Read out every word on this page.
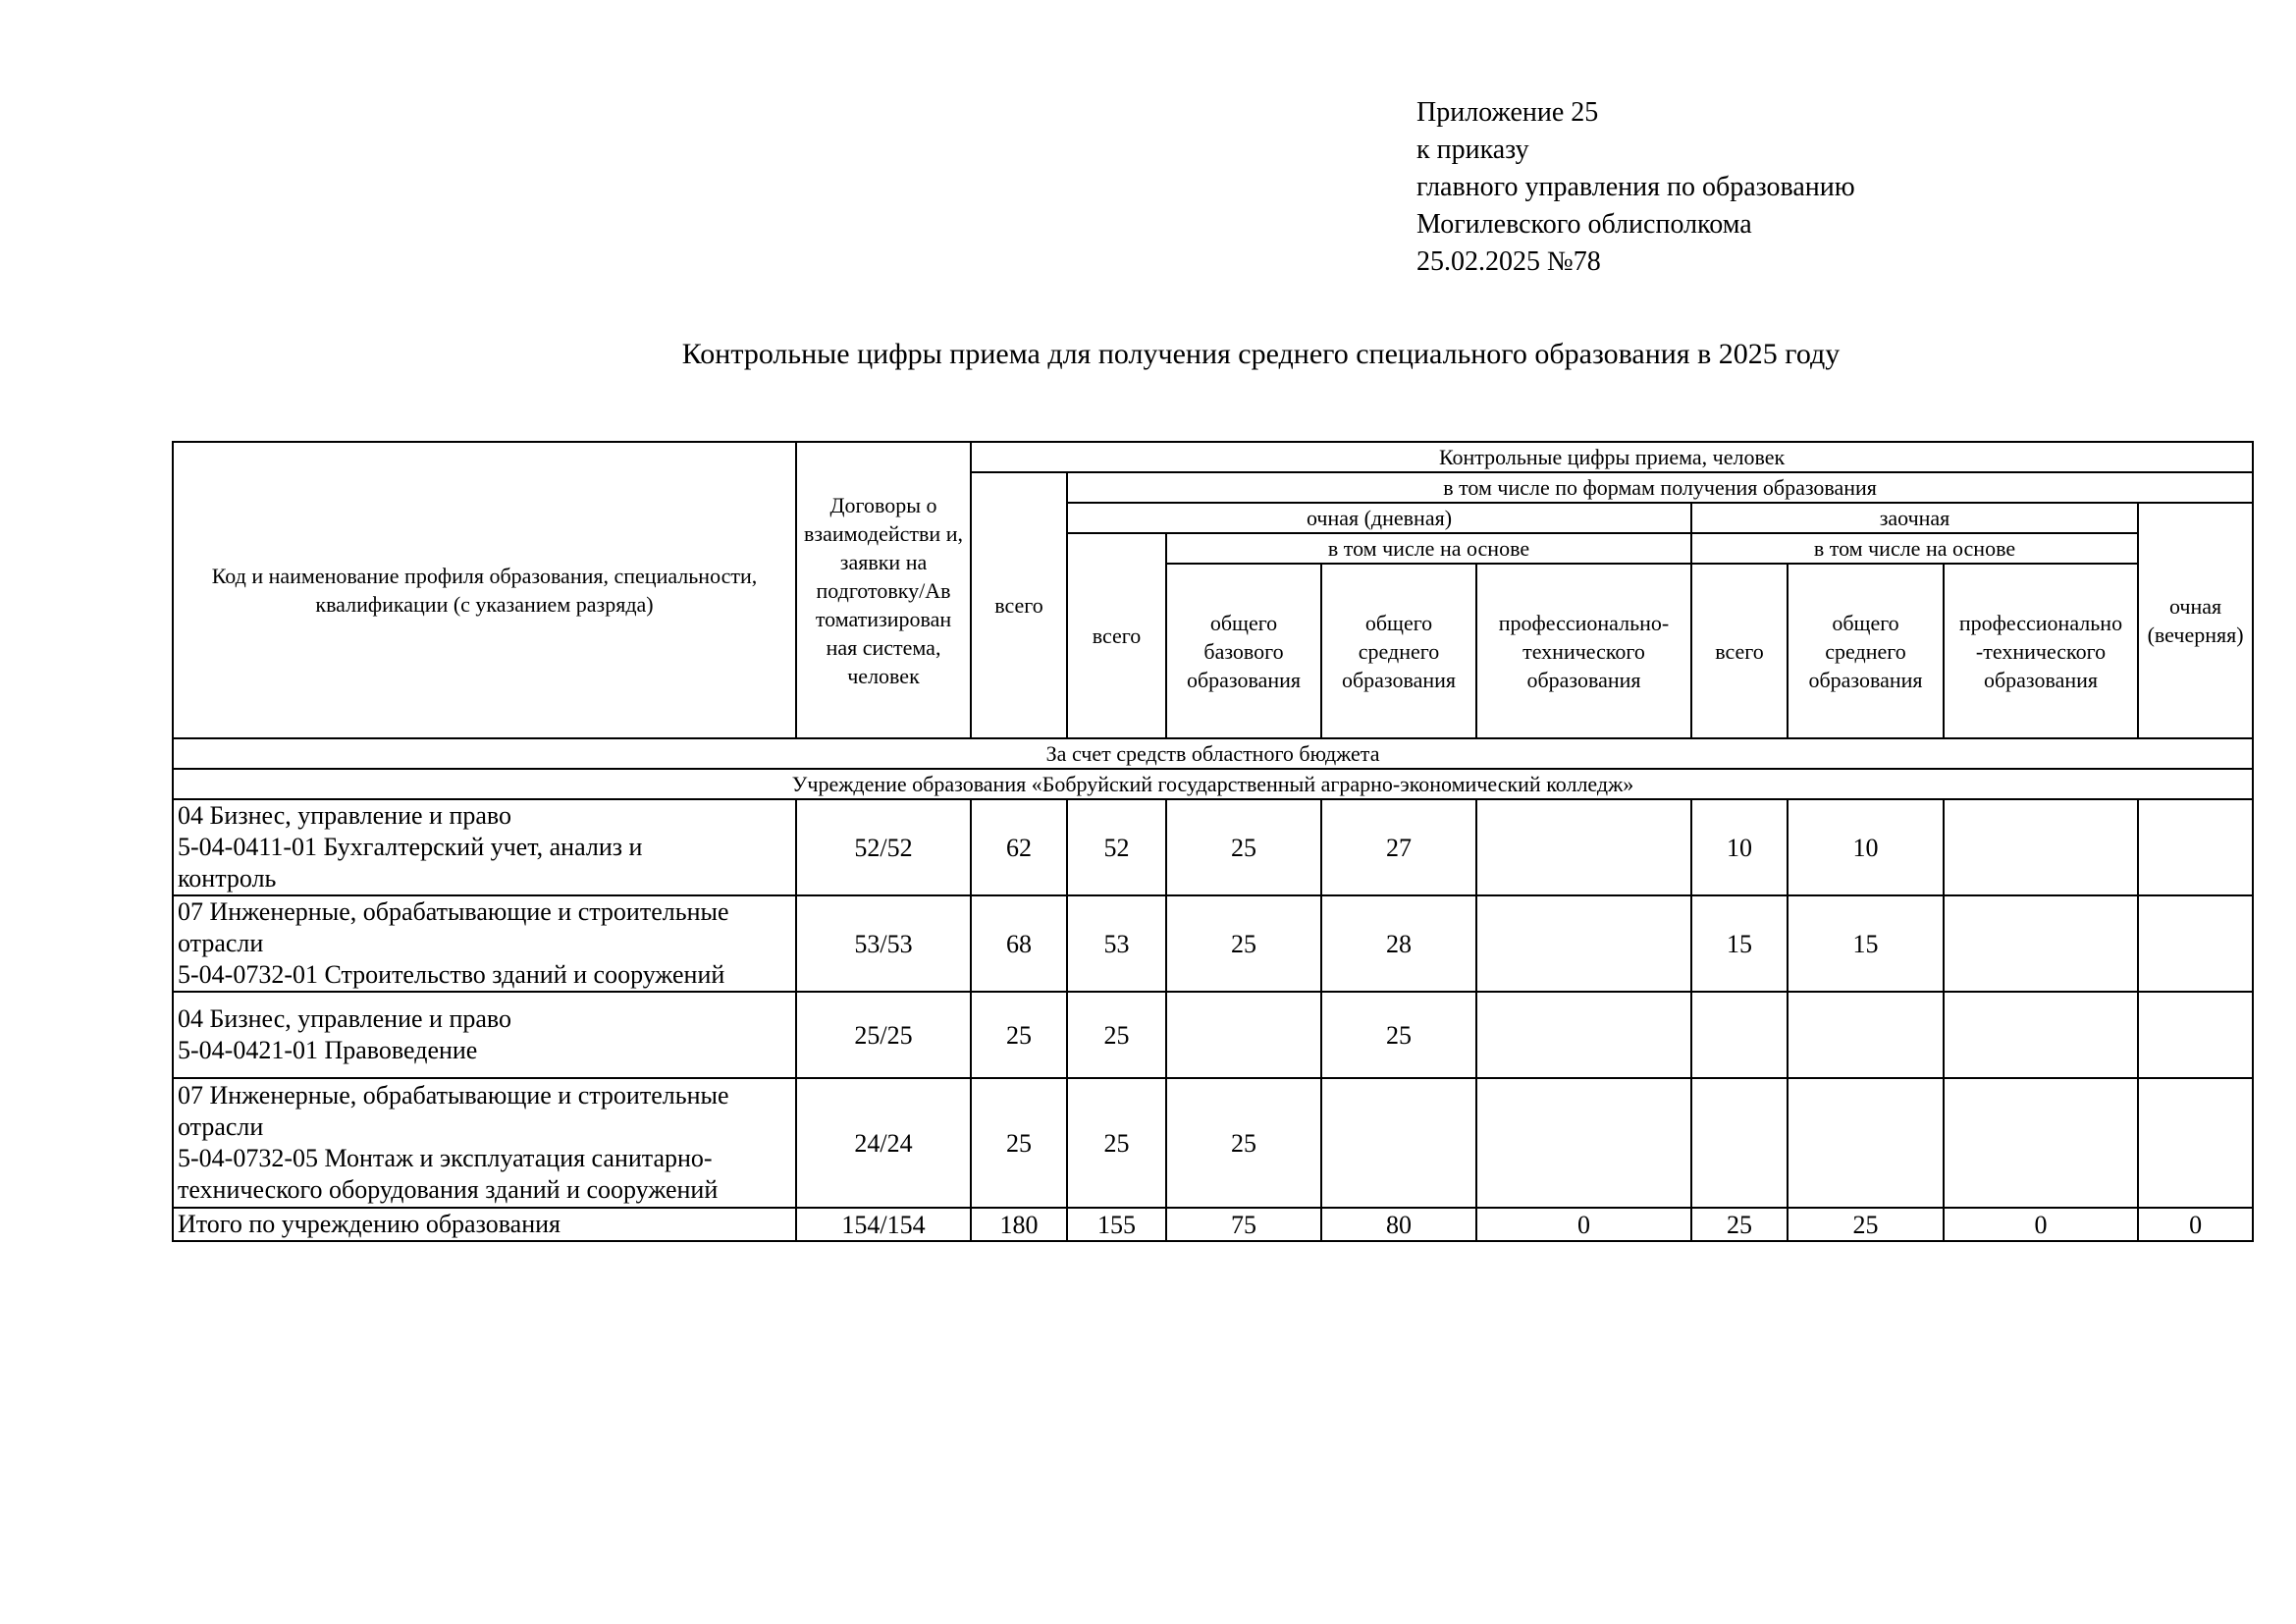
Приложение 25
к приказу
главного управления по образованию
Могилевского облисполкома
25.02.2025 №78
Контрольные цифры приема для получения среднего специального образования в 2025 году
Код и наименование профиля образования, специальности, квалификации (с указанием разряда)	Договоры о взаимодействи и, заявки на подготовку/Ав томатизирован ная система, человек	Контрольные цифры приема, человек								
		всего	в том числе по формам получения образования							
			очная (дневная)				заочная			очная (вечерняя)
			всего	в том числе на основе			в том числе на основе			
				общего базового образования	общего среднего образования	профессионально-технического образования	всего	общего среднего образования	профессионально -технического образования	

За счет средств областного бюджета										
Учреждение образования «Бобруйский государственный аграрно-экономический колледж»										

04 Бизнес, управление и право
5-04-0411-01 Бухгалтерский учет, анализ и
контроль	52/52	62	52	25	27		10	10		

07 Инженерные, обрабатывающие и строительные
отрасли
5-04-0732-01 Строительство зданий и сооружений	53/53	68	53	25	28		15	15		

04 Бизнес, управление и право
5-04-0421-01 Правоведение	25/25	25	25		25					

07 Инженерные, обрабатывающие и строительные
отрасли
5-04-0732-05 Монтаж и эксплуатация санитарно-
технического оборудования зданий и сооружений	24/24	25	25	25						
Итого по учреждению образования	154/154	180	155	75	80	0	25	25	0	0
